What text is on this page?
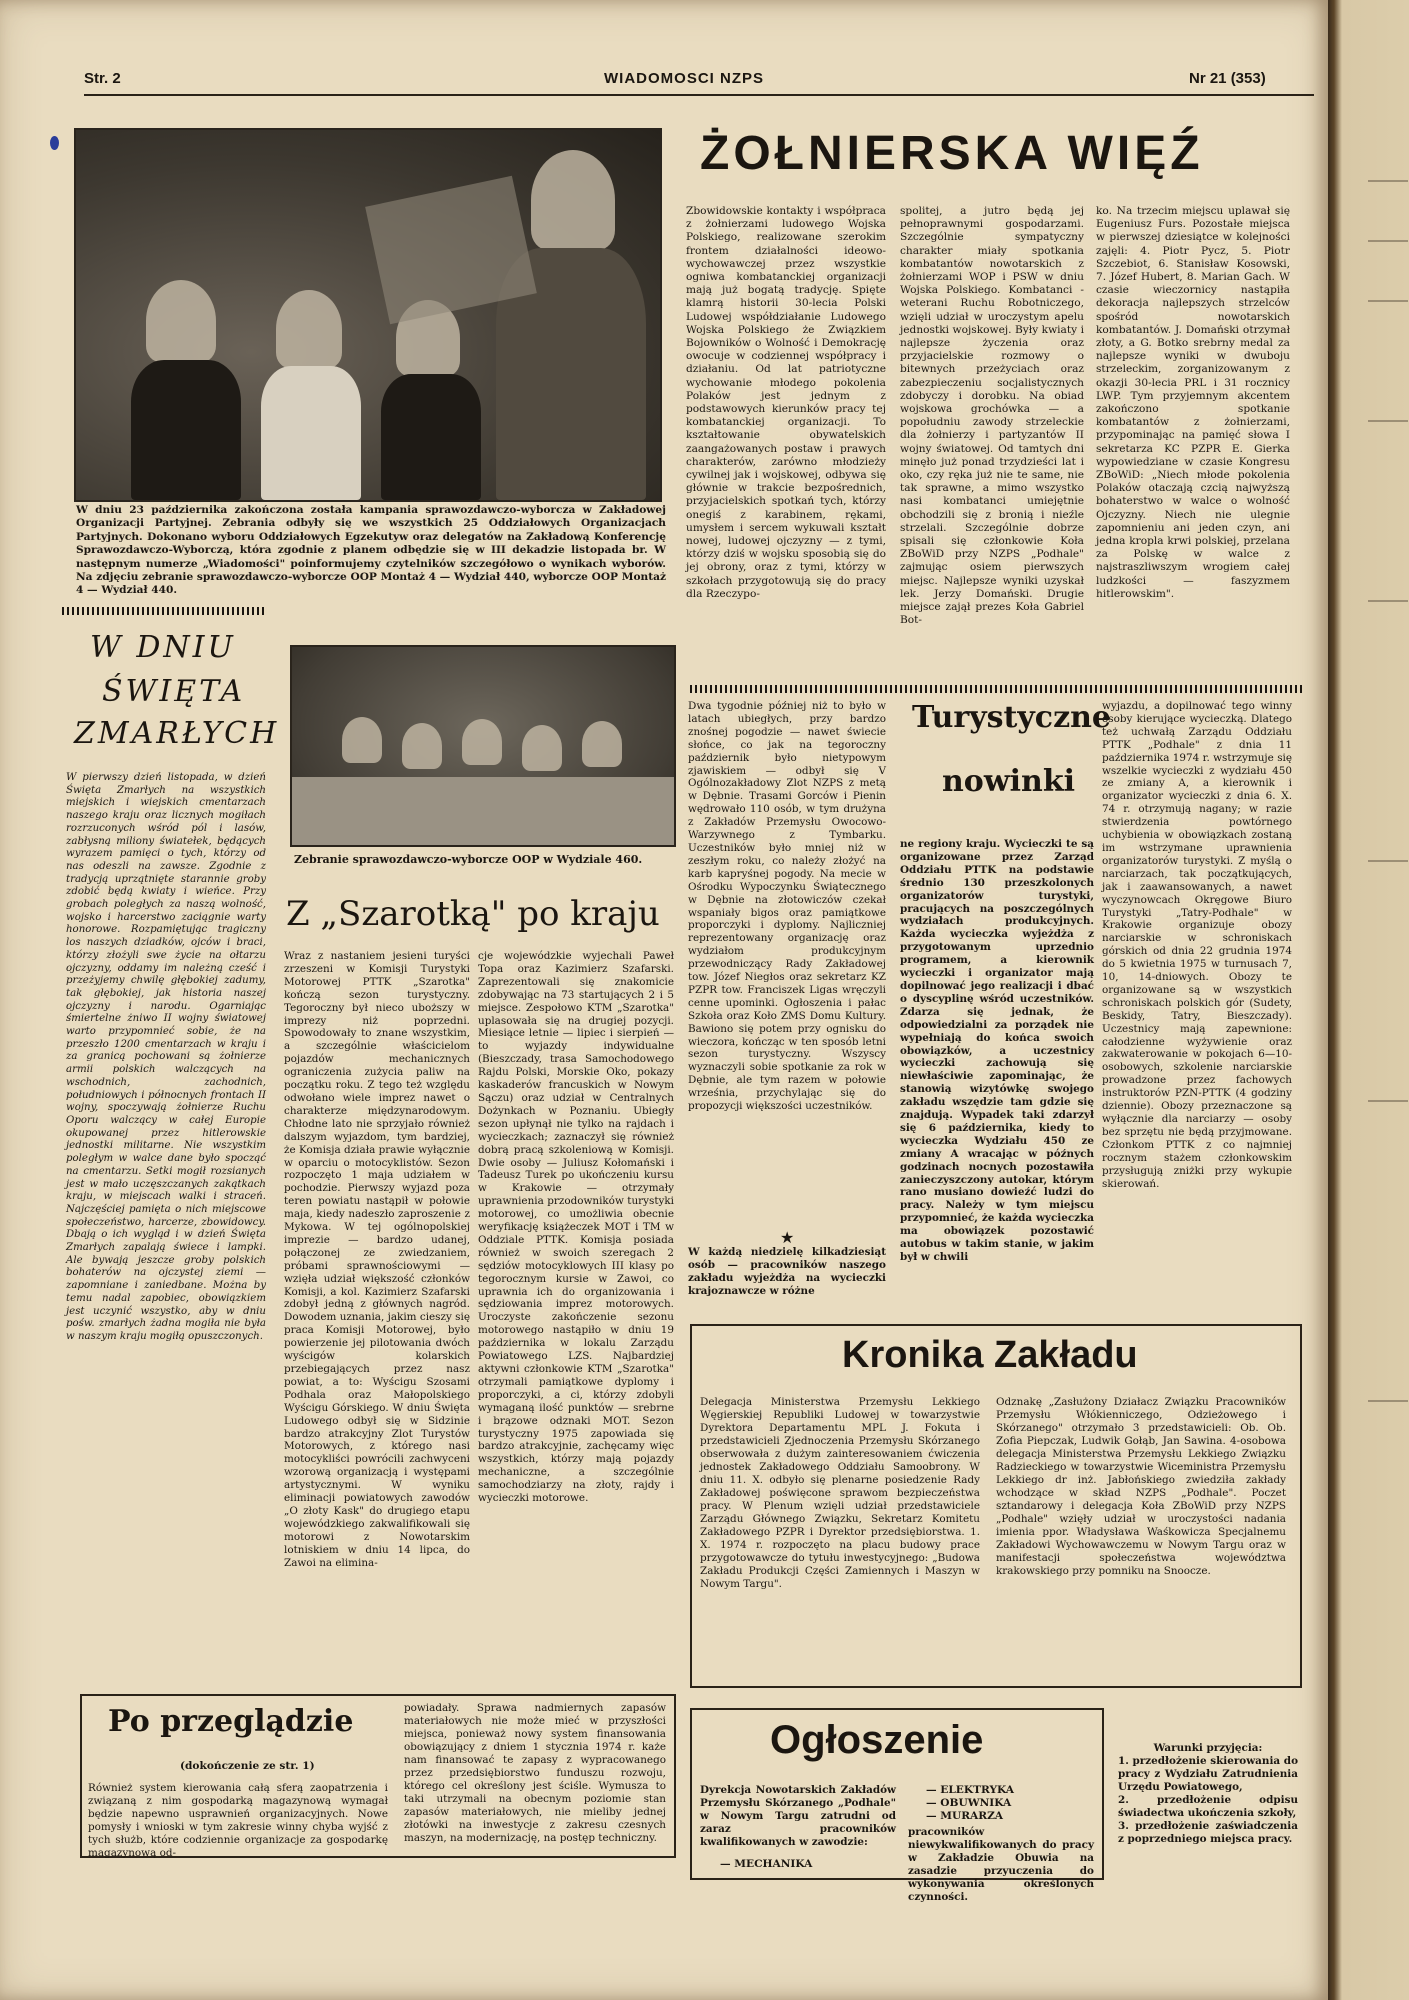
Str. 2	WIADOMOSCI NZPS	Nr 21 (353)
W dniu 23 października zakończona została kampania sprawozdawczo-wyborcza w Zakładowej Organizacji Partyjnej. Zebrania odbyły się we wszystkich 25 Oddziałowych Organizacjach Partyjnych. Dokonano wyboru Oddziałowych Egzekutyw oraz delegatów na Zakładową Konferencję Sprawozdawczo-Wyborczą, która zgodnie z planem odbędzie się w III dekadzie listopada br. W następnym numerze „Wiadomości" poinformujemy czytelników szczegółowo o wynikach wyborów. Na zdjęciu zebranie sprawozdawczo-wyborcze OOP Montaż 4 — Wydział 440, wyborcze OOP Montaż 4 — Wydział 440.
ŻOŁNIERSKA WIĘŹ
Zbowidowskie kontakty i współpraca z żołnierzami ludowego Wojska Polskiego, realizowane szerokim frontem działalności ideowo-wychowawczej przez wszystkie ogniwa kombatanckiej organizacji mają już bogatą tradycję. Spięte klamrą historii 30-lecia Polski Ludowej współdziałanie Ludowego Wojska Polskiego że Związkiem Bojowników o Wolność i Demokrację owocuje w codziennej współpracy i działaniu. Od lat patriotyczne wychowanie młodego pokolenia Polaków jest jednym z podstawowych kierunków pracy tej kombatanckiej organizacji. To kształtowanie obywatelskich zaangażowanych postaw i prawych charakterów, zarówno młodzieży cywilnej jak i wojskowej, odbywa się głównie w trakcie bezpośrednich, przyjacielskich spotkań tych, którzy onegiś z karabinem, rękami, umysłem i sercem wykuwali kształt nowej, ludowej ojczyzny — z tymi, którzy dziś w wojsku sposobią się do jej obrony, oraz z tymi, którzy w szkołach przygotowują się do pracy dla Rzeczypo-
spolitej, a jutro będą jej pełnoprawnymi gospodarzami. Szczególnie sympatyczny charakter miały spotkania kombatantów nowotarskich z żołnierzami WOP i PSW w dniu Wojska Polskiego. Kombatanci -weterani Ruchu Robotniczego, wzięli udział w uroczystym apelu jednostki wojskowej. Były kwiaty i najlepsze życzenia oraz przyjacielskie rozmowy o bitewnych przeżyciach oraz zabezpieczeniu socjalistycznych zdobyczy i dorobku. Na obiad wojskowa grochówka — a popołudniu zawody strzeleckie dla żołnierzy i partyzantów II wojny światowej. Od tamtych dni minęło już ponad trzydzieści lat i oko, czy ręka już nie te same, nie tak sprawne, a mimo wszystko nasi kombatanci umiejętnie obchodzili się z bronią i nieźle strzelali. Szczególnie dobrze spisali się członkowie Koła ZBoWiD przy NZPS „Podhale" zajmując osiem pierwszych miejsc. Najlepsze wyniki uzyskał lek. Jerzy Domański. Drugie miejsce zajął prezes Koła Gabriel Bot-
ko. Na trzecim miejscu uplawał się Eugeniusz Furs. Pozostałe miejsca w pierwszej dziesiątce w kolejności zajęli: 4. Piotr Pycz, 5. Piotr Szczebiot, 6. Stanisław Kosowski, 7. Józef Hubert, 8. Marian Gach. W czasie wieczornicy nastąpiła dekoracja najlepszych strzelców spośród nowotarskich kombatantów. J. Domański otrzymał złoty, a G. Botko srebrny medal za najlepsze wyniki w dwuboju strzeleckim, zorganizowanym z okazji 30-lecia PRL i 31 rocznicy LWP. Tym przyjemnym akcentem zakończono spotkanie kombatantów z żołnierzami, przypominając na pamięć słowa I sekretarza KC PZPR E. Gierka wypowiedziane w czasie Kongresu ZBoWiD: „Niech młode pokolenia Polaków otaczają czcią najwyższą bohaterstwo w walce o wolność Ojczyzny. Niech nie ulegnie zapomnieniu ani jeden czyn, ani jedna kropla krwi polskiej, przelana za Polskę w walce z najstraszliwszym wrogiem całej ludzkości — faszyzmem hitlerowskim".
W DNIU
ŚWIĘTA
ZMARŁYCH
W pierwszy dzień listopada, w dzień Święta Zmarłych na wszystkich miejskich i wiejskich cmentarzach naszego kraju oraz licznych mogiłach rozrzuconych wśród pól i lasów, zabłysną miliony światełek, będących wyrazem pamięci o tych, którzy od nas odeszli na zawsze. Zgodnie z tradycją uprzątnięte starannie groby zdobić będą kwiaty i wieńce. Przy grobach poległych za naszą wolność, wojsko i harcerstwo zaciągnie warty honorowe. Rozpamiętując tragiczny los naszych dziadków, ojców i braci, którzy złożyli swe życie na ołtarzu ojczyzny, oddamy im należną cześć i przeżyjemy chwilę głębokiej zadumy, tak głębokiej, jak historia naszej ojczyzny i narodu. Ogarniając śmiertelne żniwo II wojny światowej warto przypomnieć sobie, że na przeszło 1200 cmentarzach w kraju i za granicą pochowani są żołnierze armii polskich walczących na wschodnich, zachodnich, południowych i północnych frontach II wojny, spoczywają żołnierze Ruchu Oporu walczący w całej Europie okupowanej przez hitlerowskie jednostki militarne. Nie wszystkim poległym w walce dane było spocząć na cmentarzu. Setki mogił rozsianych jest w mało uczęszczanych zakątkach kraju, w miejscach walki i straceń. Najczęściej pamięta o nich miejscowe społeczeństwo, harcerze, zbowidowcy. Dbają o ich wygląd i w dzień Święta Zmarłych zapalają świece i lampki. Ale bywają jeszcze groby polskich bohaterów na ojczystej ziemi — zapomniane i zaniedbane. Można by temu nadal zapobiec, obowiązkiem jest uczynić wszystko, aby w dniu pośw. zmarłych żadna mogiła nie była w naszym kraju mogiłą opuszczonych.
Zebranie sprawozdawczo-wyborcze OOP w Wydziale 460.
Z „Szarotką" po kraju
Wraz z nastaniem jesieni turyści zrzeszeni w Komisji Turystyki Motorowej PTTK „Szarotka" kończą sezon turystyczny. Tegoroczny był nieco uboższy w imprezy niż poprzedni. Spowodowały to znane wszystkim, a szczególnie właścicielom pojazdów mechanicznych ograniczenia zużycia paliw na początku roku. Z tego też względu odwołano wiele imprez nawet o charakterze międzynarodowym. Chłodne lato nie sprzyjało również dalszym wyjazdom, tym bardziej, że Komisja działa prawie wyłącznie w oparciu o motocyklistów. Sezon rozpoczęto 1 maja udziałem w pochodzie. Pierwszy wyjazd poza teren powiatu nastąpił w połowie maja, kiedy nadeszło zaproszenie z Mykowa. W tej ogólnopolskiej imprezie — bardzo udanej, połączonej ze zwiedzaniem, próbami sprawnościowymi — wzięła udział większość członków Komisji, a kol. Kazimierz Szafarski zdobył jedną z głównych nagród. Dowodem uznania, jakim cieszy się praca Komisji Motorowej, było powierzenie jej pilotowania dwóch wyścigów kolarskich przebiegających przez nasz powiat, a to: Wyścigu Szosami Podhala oraz Małopolskiego Wyścigu Górskiego. W dniu Święta Ludowego odbył się w Sidzinie bardzo atrakcyjny Zlot Turystów Motorowych, z którego nasi motocykliści powrócili zachwyceni wzorową organizacją i występami artystycznymi. W wyniku eliminacji powiatowych zawodów „O złoty Kask" do drugiego etapu wojewódzkiego zakwalifikowali się motorowi z Nowotarskim lotniskiem w dniu 14 lipca, do Zawoi na elimina-
cje wojewódzkie wyjechali Paweł Topa oraz Kazimierz Szafarski. Zaprezentowali się znakomicie zdobywając na 73 startujących 2 i 5 miejsce. Zespołowo KTM „Szarotka" uplasowała się na drugiej pozycji. Miesiące letnie — lipiec i sierpień — to wyjazdy indywidualne (Bieszczady, trasa Samochodowego Rajdu Polski, Morskie Oko, pokazy kaskaderów francuskich w Nowym Sączu) oraz udział w Centralnych Dożynkach w Poznaniu. Ubiegły sezon upłynął nie tylko na rajdach i wycieczkach; zaznaczył się również dobrą pracą szkoleniową w Komisji. Dwie osoby — Juliusz Kołomański i Tadeusz Turek po ukończeniu kursu w Krakowie — otrzymały uprawnienia przodowników turystyki motorowej, co umożliwia obecnie weryfikację książeczek MOT i TM w Oddziale PTTK. Komisja posiada również w swoich szeregach 2 sędziów motocyklowych III klasy po tegorocznym kursie w Zawoi, co uprawnia ich do organizowania i sędziowania imprez motorowych. Uroczyste zakończenie sezonu motorowego nastąpiło w dniu 19 października w lokalu Zarządu Powiatowego LZS. Najbardziej aktywni członkowie KTM „Szarotka" otrzymali pamiątkowe dyplomy i proporczyki, a ci, którzy zdobyli wymaganą ilość punktów — srebrne i brązowe odznaki MOT. Sezon turystyczny 1975 zapowiada się bardzo atrakcyjnie, zachęcamy więc wszystkich, którzy mają pojazdy mechaniczne, a szczególnie samochodziarzy na złoty, rajdy i wycieczki motorowe.
Dwa tygodnie później niż to było w latach ubiegłych, przy bardzo znośnej pogodzie — nawet świecie słońce, co jak na tegoroczny październik było nietypowym zjawiskiem — odbył się V Ogólnozakładowy Zlot NZPS z metą w Dębnie. Trasami Gorców i Pienin wędrowało 110 osób, w tym drużyna z Zakładów Przemysłu Owocowo-Warzywnego z Tymbarku. Uczestników było mniej niż w zeszłym roku, co należy złożyć na karb kapryśnej pogody. Na mecie w Ośrodku Wypoczynku Świątecznego w Dębnie na złotowiczów czekał wspaniały bigos oraz pamiątkowe proporczyki i dyplomy. Najliczniej reprezentowany organizację oraz wydziałom produkcyjnym przewodniczący Rady Zakładowej tow. Józef Niegłos oraz sekretarz KZ PZPR tow. Franciszek Ligas wręczyli cenne upominki. Ogłoszenia i pałac Szkoła oraz Koło ZMS Domu Kultury. Bawiono się potem przy ognisku do wieczora, kończąc w ten sposób letni sezon turystyczny. Wszyscy wyznaczyli sobie spotkanie za rok w Dębnie, ale tym razem w połowie września, przychylając się do propozycji większości uczestników.
★
W każdą niedzielę kilkadziesiąt osób — pracowników naszego zakładu wyjeżdża na wycieczki krajoznawcze w różne
Turystyczne
nowinki
ne regiony kraju. Wycieczki te są organizowane przez Zarząd Oddziału PTTK na podstawie średnio 130 przeszkolonych organizatorów turystyki, pracujących na poszczególnych wydziałach produkcyjnych. Każda wycieczka wyjeżdża z przygotowanym uprzednio programem, a kierownik wycieczki i organizator mają dopilnować jego realizacji i dbać o dyscyplinę wśród uczestników. Zdarza się jednak, że odpowiedzialni za porządek nie wypełniają do końca swoich obowiązków, a uczestnicy wycieczki zachowują się niewłaściwie zapominając, że stanowią wizytówkę swojego zakładu wszędzie tam gdzie się znajdują. Wypadek taki zdarzył się 6 października, kiedy to wycieczka Wydziału 450 ze zmiany A wracając w późnych godzinach nocnych pozostawiła zanieczyszczony autokar, którym rano musiano dowieźć ludzi do pracy. Należy w tym miejscu przypomnieć, że każda wycieczka ma obowiązek pozostawić autobus w takim stanie, w jakim był w chwili
wyjazdu, a dopilnować tego winny osoby kierujące wycieczką. Dlatego też uchwałą Zarządu Oddziału PTTK „Podhale" z dnia 11 października 1974 r. wstrzymuje się wszelkie wycieczki z wydziału 450 ze zmiany A, a kierownik i organizator wycieczki z dnia 6. X. 74 r. otrzymują nagany; w razie stwierdzenia powtórnego uchybienia w obowiązkach zostaną im wstrzymane uprawnienia organizatorów turystyki. Z myślą o narciarzach, tak początkujących, jak i zaawansowanych, a nawet wyczynowcach Okręgowe Biuro Turystyki „Tatry-Podhale" w Krakowie organizuje obozy narciarskie w schroniskach górskich od dnia 22 grudnia 1974 do 5 kwietnia 1975 w turnusach 7, 10, 14-dniowych. Obozy te organizowane są w wszystkich schroniskach polskich gór (Sudety, Beskidy, Tatry, Bieszczady). Uczestnicy mają zapewnione: całodzienne wyżywienie oraz zakwaterowanie w pokojach 6—10-osobowych, szkolenie narciarskie prowadzone przez fachowych instruktorów PZN-PTTK (4 godziny dziennie). Obozy przeznaczone są wyłącznie dla narciarzy — osoby bez sprzętu nie będą przyjmowane. Członkom PTTK z co najmniej rocznym stażem członkowskim przysługują zniżki przy wykupie skierowań.
Kronika Zakładu
Delegacja Ministerstwa Przemysłu Lekkiego Węgierskiej Republiki Ludowej w towarzystwie Dyrektora Departamentu MPL J. Fokuta i przedstawicieli Zjednoczenia Przemysłu Skórzanego obserwowała z dużym zainteresowaniem ćwiczenia jednostek Zakładowego Oddziału Samoobrony. W dniu 11. X. odbyło się plenarne posiedzenie Rady Zakładowej poświęcone sprawom bezpieczeństwa pracy. W Plenum wzięli udział przedstawiciele Zarządu Głównego Związku, Sekretarz Komitetu Zakładowego PZPR i Dyrektor przedsiębiorstwa. 1. X. 1974 r. rozpoczęto na placu budowy prace przygotowawcze do tytułu inwestycyjnego: „Budowa Zakładu Produkcji Części Zamiennych i Maszyn w Nowym Targu".
Odznakę „Zasłużony Działacz Związku Pracowników Przemysłu Włókienniczego, Odzieżowego i Skórzanego" otrzymało 3 przedstawicieli: Ob. Ob. Zofia Piepczak, Ludwik Gołąb, Jan Sawina. 4-osobowa delegacja Ministerstwa Przemysłu Lekkiego Związku Radzieckiego w towarzystwie Wiceministra Przemysłu Lekkiego dr inż. Jabłońskiego zwiedziła zakłady wchodzące w skład NZPS „Podhale". Poczet sztandarowy i delegacja Koła ZBoWiD przy NZPS „Podhale" wzięły udział w uroczystości nadania imienia ppor. Władysława Waśkowicza Specjalnemu Zakładowi Wychowawczemu w Nowym Targu oraz w manifestacji społeczeństwa województwa krakowskiego przy pomniku na Snoocze.
Po przeglądzie
(dokończenie ze str. 1)
Również system kierowania całą sferą zaopatrzenia i związaną z nim gospodarką magazynową wymagał będzie napewno usprawnień organizacyjnych. Nowe pomysły i wnioski w tym zakresie winny chyba wyjść z tych służb, które codziennie organizacje za gospodarkę magazynową od-
powiadały. Sprawa nadmiernych zapasów materiałowych nie może mieć w przyszłości miejsca, ponieważ nowy system finansowania obowiązujący z dniem 1 stycznia 1974 r. każe nam finansować te zapasy z wypracowanego przez przedsiębiorstwo funduszu rozwoju, którego cel określony jest ściśle. Wymusza to taki utrzymali na obecnym poziomie stan zapasów materiałowych, nie mieliby jednej złotówki na inwestycje z zakresu czesnych maszyn, na modernizację, na postęp techniczny.
Ogłoszenie
Dyrekcja Nowotarskich Zakładów Przemysłu Skórzanego „Podhale" w Nowym Targu zatrudni od zaraz pracowników kwalifikowanych w zawodzie:
— MECHANIKA
— ELEKTRYKA
— OBUWNIKA
— MURARZA
pracowników niewykwalifikowanych do pracy w Zakładzie Obuwia na zasadzie przyuczenia do wykonywania określonych czynności.
Warunki przyjęcia:
1. przedłożenie skierowania do pracy z Wydziału Zatrudnienia Urzędu Powiatowego,
2. przedłożenie odpisu świadectwa ukończenia szkoły,
3. przedłożenie zaświadczenia z poprzedniego miejsca pracy.
